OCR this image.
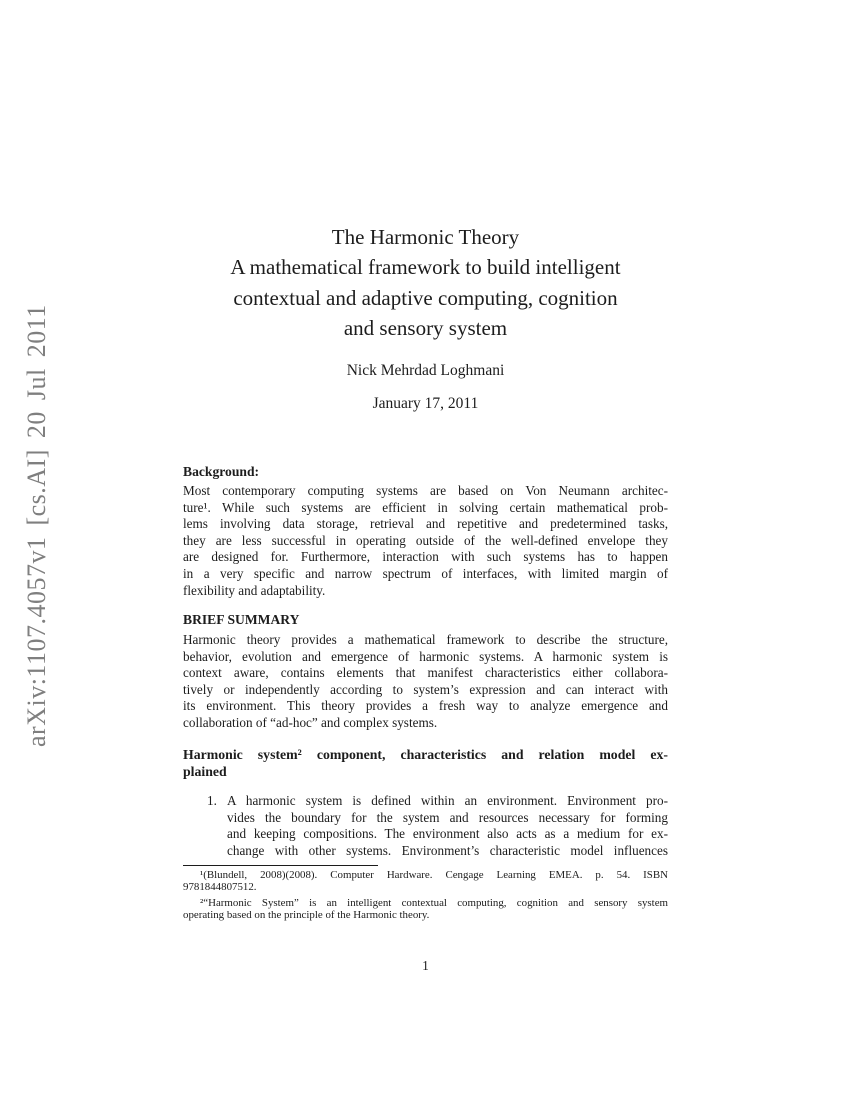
arXiv:1107.4057v1 [cs.AI] 20 Jul 2011
The Harmonic Theory
A mathematical framework to build intelligent
contextual and adaptive computing, cognition
and sensory system
Nick Mehrdad Loghmani
January 17, 2011
Background:
Most contemporary computing systems are based on Von Neumann architec-
ture¹. While such systems are efficient in solving certain mathematical prob-
lems involving data storage, retrieval and repetitive and predetermined tasks,
they are less successful in operating outside of the well-defined envelope they
are designed for. Furthermore, interaction with such systems has to happen
in a very specific and narrow spectrum of interfaces, with limited margin of
flexibility and adaptability.
BRIEF SUMMARY
Harmonic theory provides a mathematical framework to describe the structure,
behavior, evolution and emergence of harmonic systems. A harmonic system is
context aware, contains elements that manifest characteristics either collabora-
tively or independently according to system’s expression and can interact with
its environment. This theory provides a fresh way to analyze emergence and
collaboration of “ad-hoc” and complex systems.
Harmonic system² component, characteristics and relation model ex-
plained
1. A harmonic system is defined within an environment. Environment pro-
vides the boundary for the system and resources necessary for forming
and keeping compositions. The environment also acts as a medium for ex-
change with other systems. Environment’s characteristic model influences
¹(Blundell, 2008)(2008). Computer Hardware. Cengage Learning EMEA. p. 54. ISBN
9781844807512.
²“Harmonic System” is an intelligent contextual computing, cognition and sensory system
operating based on the principle of the Harmonic theory.
1
